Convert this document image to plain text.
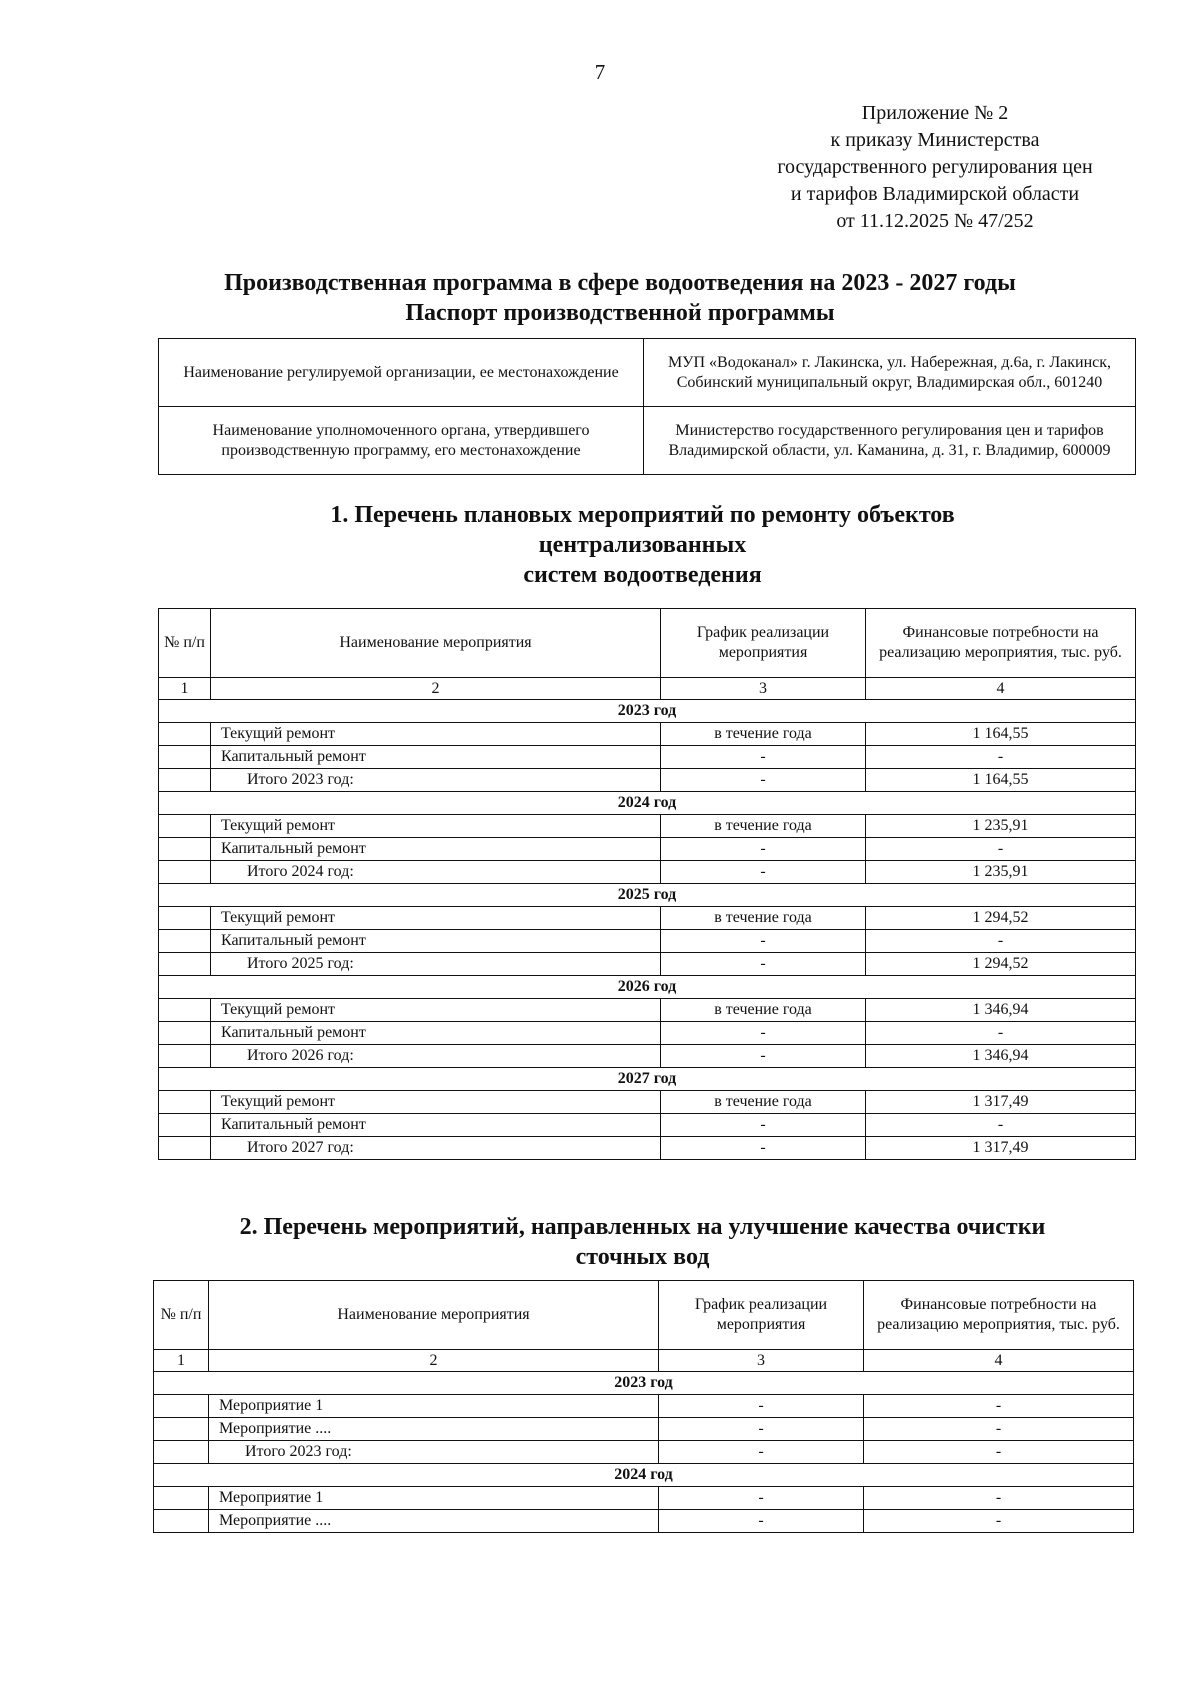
7
Приложение № 2
к приказу Министерства
государственного регулирования цен
и тарифов Владимирской области
от 11.12.2025 № 47/252
Производственная программа в сфере водоотведения на 2023 - 2027 годы
Паспорт производственной программы
Наименование регулируемой организации, ее местонахождение	МУП «Водоканал» г. Лакинска, ул. Набережная, д.6а, г. Лакинск, Собинский муниципальный округ, Владимирская обл., 601240
Наименование уполномоченного органа, утвердившего производственную программу, его местонахождение	Министерство государственного регулирования цен и тарифов Владимирской области, ул. Каманина, д. 31, г. Владимир, 600009
1. Перечень плановых мероприятий по ремонту объектов
централизованных
систем водоотведения
№ п/п	Наименование мероприятия	График реализации мероприятия	Финансовые потребности на реализацию мероприятия, тыс. руб.
1	2	3	4
2023 год			
	Текущий ремонт	в течение года	1 164,55
	Капитальный ремонт	-	-
	Итого 2023 год:	-	1 164,55
2024 год			
	Текущий ремонт	в течение года	1 235,91
	Капитальный ремонт	-	-
	Итого 2024 год:	-	1 235,91
2025 год			
	Текущий ремонт	в течение года	1 294,52
	Капитальный ремонт	-	-
	Итого 2025 год:	-	1 294,52
2026 год			
	Текущий ремонт	в течение года	1 346,94
	Капитальный ремонт	-	-
	Итого 2026 год:	-	1 346,94
2027 год			
	Текущий ремонт	в течение года	1 317,49
	Капитальный ремонт	-	-
	Итого 2027 год:	-	1 317,49
2. Перечень мероприятий, направленных на улучшение качества очистки
сточных вод
№ п/п	Наименование мероприятия	График реализации мероприятия	Финансовые потребности на реализацию мероприятия, тыс. руб.
1	2	3	4
2023 год			
	Мероприятие 1	-	-
	Мероприятие ....	-	-
	Итого 2023 год:	-	-
2024 год			
	Мероприятие 1	-	-
	Мероприятие ....	-	-
